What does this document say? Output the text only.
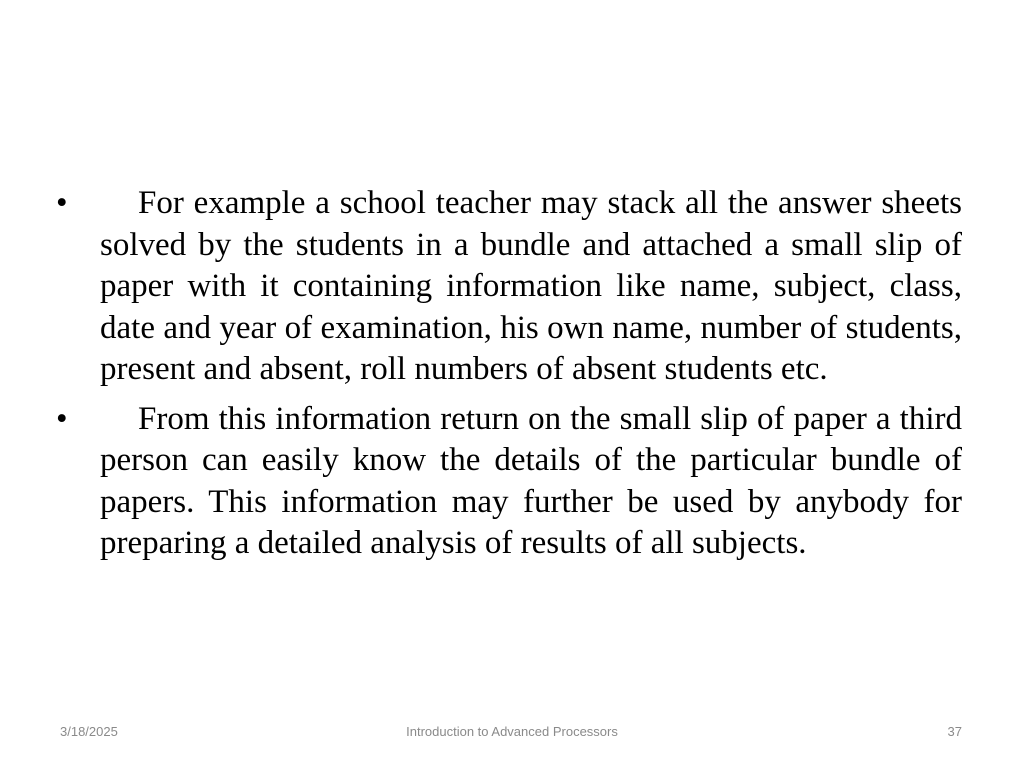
•	For example a school teacher may stack all the answer sheets solved by the students in a bundle and attached a small slip of paper with it containing information like name, subject, class, date and year of examination, his own name, number of students, present and absent, roll numbers of absent students etc.
•	From this information return on the small slip of paper a third person can easily know the details of the particular bundle of papers. This information may further be used by anybody for preparing a detailed analysis of results of all subjects.
3/18/2025	Introduction to Advanced Processors	37
